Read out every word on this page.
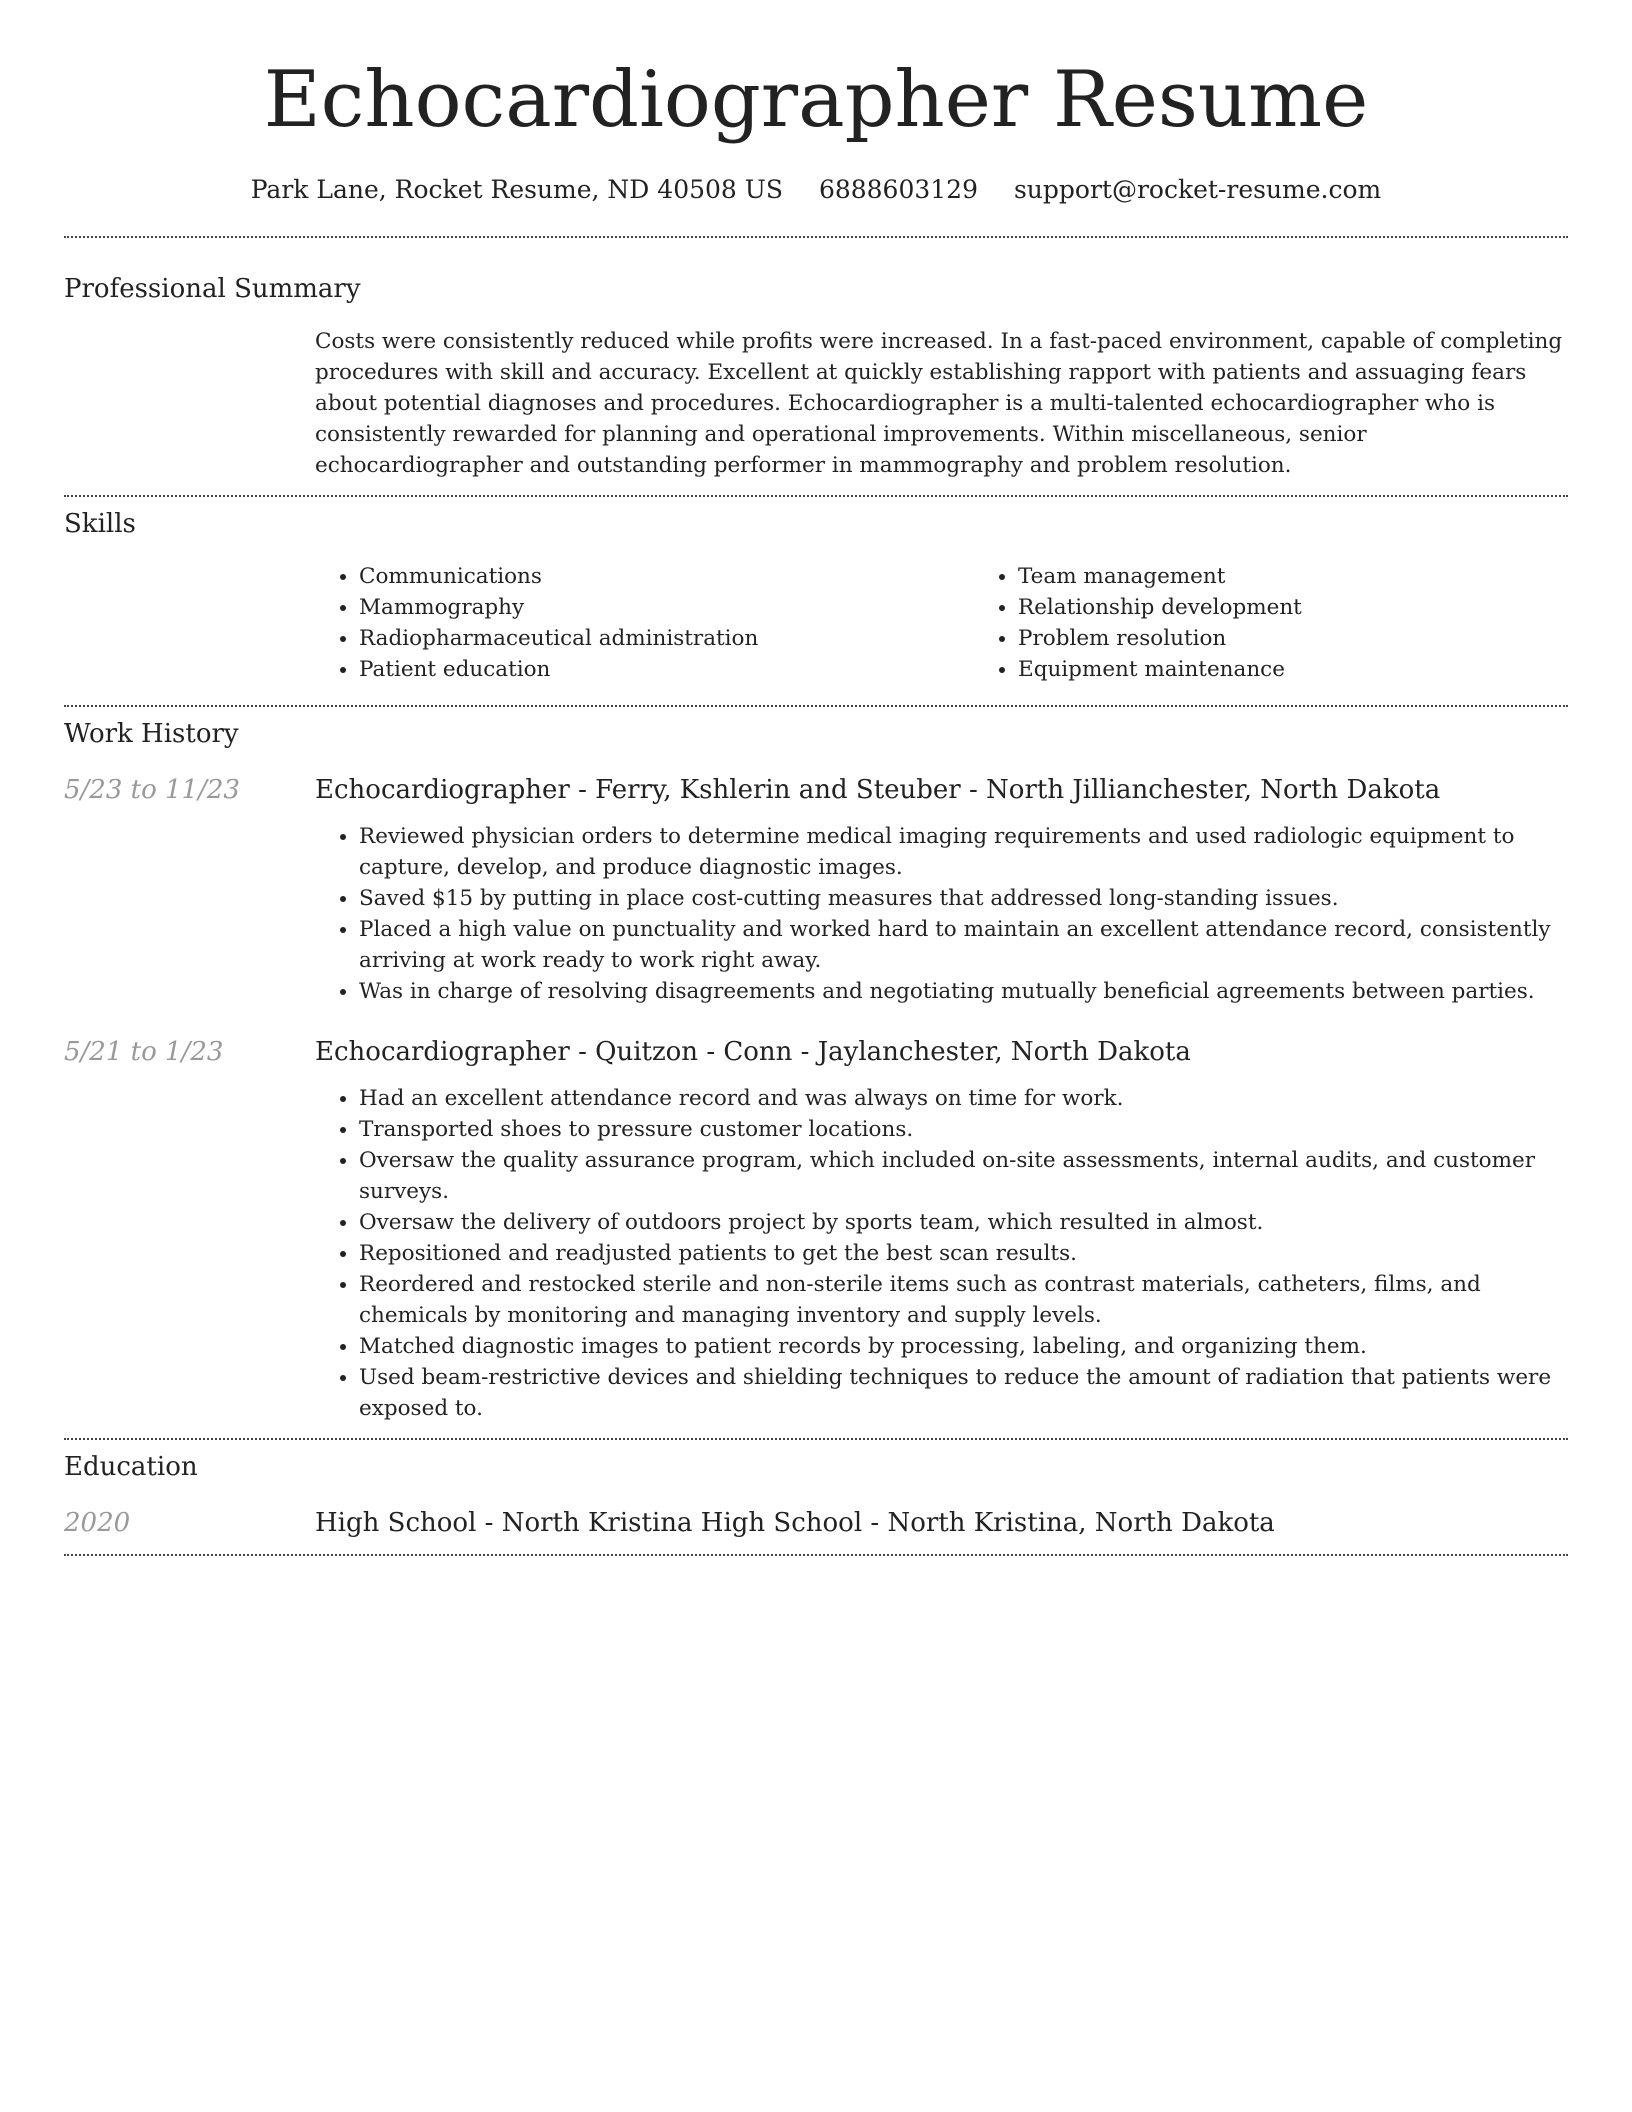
Echocardiographer Resume
Park Lane, Rocket Resume, ND 40508 US 6888603129 support@rocket-resume.com
Professional Summary

Costs were consistently reduced while profits were increased. In a fast-paced environment, capable of completing procedures with skill and accuracy. Excellent at quickly establishing rapport with patients and assuaging fears about potential diagnoses and procedures. Echocardiographer is a multi-talented echocardiographer who is consistently rewarded for planning and operational improvements. Within miscellaneous, senior echocardiographer and outstanding performer in mammography and problem resolution.

Skills
• Communications
• Mammography
• Radiopharmaceutical administration
• Patient education
• Team management
• Relationship development
• Problem resolution
• Equipment maintenance
Work History
5/23 to 11/23	Echocardiographer - Ferry, Kshlerin and Steuber - North Jillianchester, North Dakota
• Reviewed physician orders to determine medical imaging requirements and used radiologic equipment to capture, develop, and produce diagnostic images.
• Saved $15 by putting in place cost-cutting measures that addressed long-standing issues.
• Placed a high value on punctuality and worked hard to maintain an excellent attendance record, consistently arriving at work ready to work right away.
• Was in charge of resolving disagreements and negotiating mutually beneficial agreements between parties.
5/21 to 1/23	Echocardiographer - Quitzon - Conn - Jaylanchester, North Dakota
• Had an excellent attendance record and was always on time for work.
• Transported shoes to pressure customer locations.
• Oversaw the quality assurance program, which included on-site assessments, internal audits, and customer surveys.
• Oversaw the delivery of outdoors project by sports team, which resulted in almost.
• Repositioned and readjusted patients to get the best scan results.
• Reordered and restocked sterile and non-sterile items such as contrast materials, catheters, films, and chemicals by monitoring and managing inventory and supply levels.
• Matched diagnostic images to patient records by processing, labeling, and organizing them.
• Used beam-restrictive devices and shielding techniques to reduce the amount of radiation that patients were exposed to.
Education
2020	High School - North Kristina High School - North Kristina, North Dakota
